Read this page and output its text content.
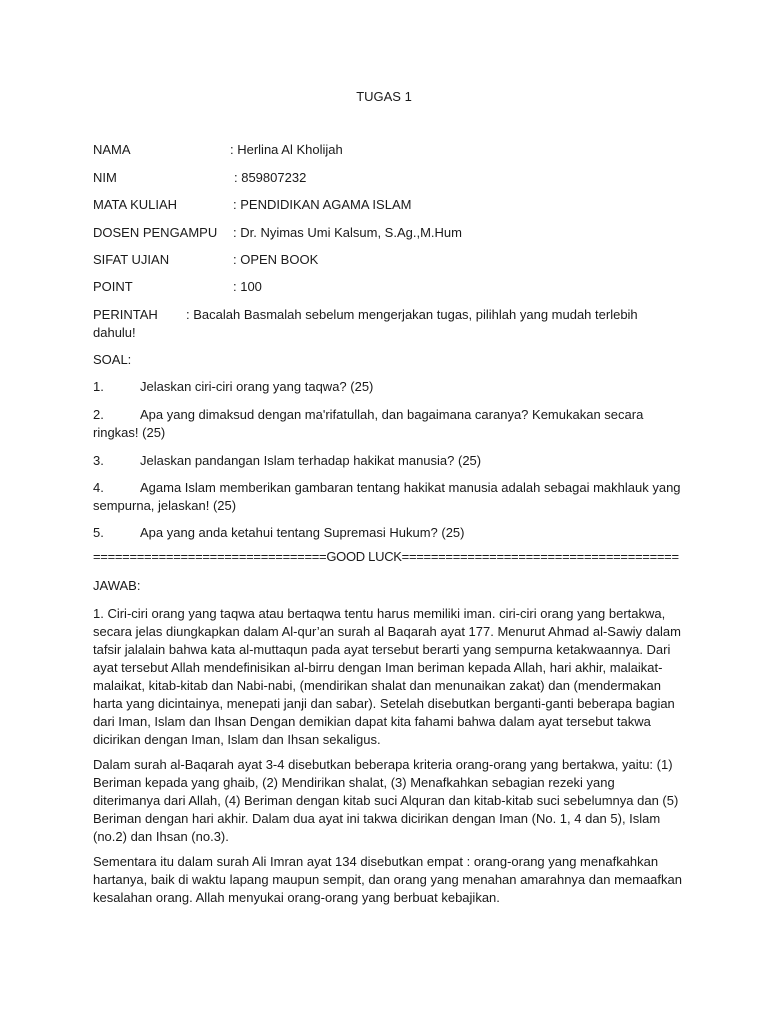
TUGAS 1
NAMA	: Herlina Al Kholijah
NIM	: 859807232
MATA KULIAH	: PENDIDIKAN AGAMA ISLAM
DOSEN PENGAMPU : Dr. Nyimas Umi Kalsum, S.Ag.,M.Hum
SIFAT UJIAN	: OPEN BOOK
POINT	: 100
PERINTAH : Bacalah Basmalah sebelum mengerjakan tugas, pilihlah yang mudah terlebih dahulu!
SOAL:
1.	Jelaskan ciri-ciri orang yang taqwa? (25)
2.	Apa yang dimaksud dengan ma'rifatullah, dan bagaimana caranya? Kemukakan secara ringkas! (25)
3.	Jelaskan pandangan Islam terhadap hakikat manusia? (25)
4.	Agama Islam memberikan gambaran tentang hakikat manusia adalah sebagai makhlauk yang sempurna, jelaskan! (25)
5.	Apa yang anda ketahui tentang Supremasi Hukum? (25)
================================GOOD LUCK======================================
JAWAB:

1. Ciri-ciri orang yang taqwa atau bertaqwa tentu harus memiliki iman. ciri-ciri orang yang bertakwa, secara jelas diungkapkan dalam Al-qur’an surah al Baqarah ayat 177. Menurut Ahmad al-Sawiy dalam tafsir jalalain bahwa kata al-muttaqun pada ayat tersebut berarti yang sempurna ketakwaannya. Dari ayat tersebut Allah mendefinisikan al-birru dengan Iman beriman kepada Allah, hari akhir, malaikat-malaikat, kitab-kitab dan Nabi-nabi, (mendirikan shalat dan menunaikan zakat) dan (mendermakan harta yang dicintainya, menepati janji dan sabar). Setelah disebutkan berganti-ganti beberapa bagian dari Iman, Islam dan Ihsan Dengan demikian dapat kita fahami bahwa dalam ayat tersebut takwa dicirikan dengan Iman, Islam dan Ihsan sekaligus.

Dalam surah al-Baqarah ayat 3-4 disebutkan beberapa kriteria orang-orang yang bertakwa, yaitu: (1) Beriman kepada yang ghaib, (2) Mendirikan shalat, (3) Menafkahkan sebagian rezeki yang diterimanya dari Allah, (4) Beriman dengan kitab suci Alquran dan kitab-kitab suci sebelumnya dan (5) Beriman dengan hari akhir. Dalam dua ayat ini takwa dicirikan dengan Iman (No. 1, 4 dan 5), Islam (no.2) dan Ihsan (no.3).

Sementara itu dalam surah Ali Imran ayat 134 disebutkan empat : orang-orang yang menafkahkan hartanya, baik di waktu lapang maupun sempit, dan orang yang menahan amarahnya dan memaafkan kesalahan orang. Allah menyukai orang-orang yang berbuat kebajikan.
